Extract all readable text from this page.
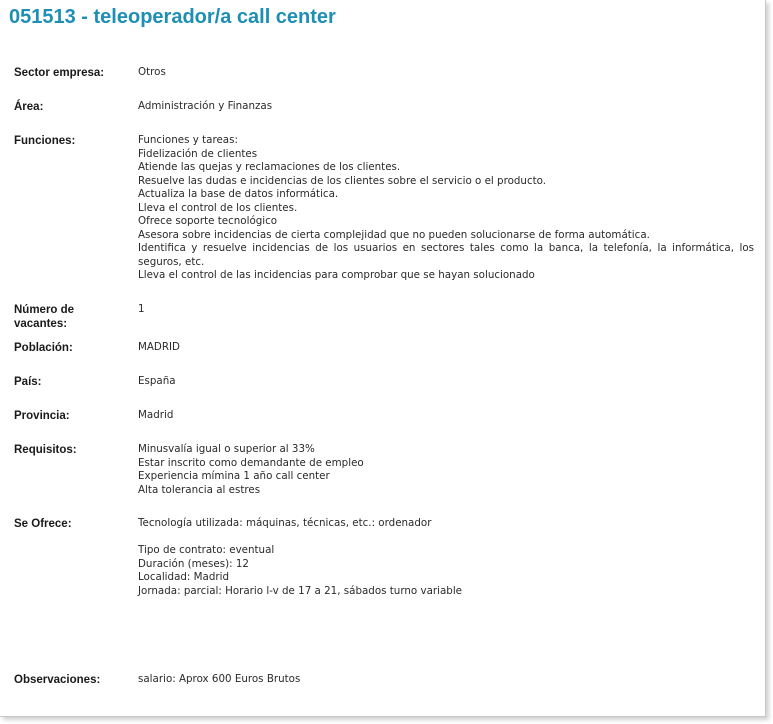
051513 - teleoperador/a call center
Sector empresa:	Otros
Área:	Administración y Finanzas
Funciones:	Funciones y tareas:
Fidelización de clientes
Atiende las quejas y reclamaciones de los clientes.
Resuelve las dudas e incidencias de los clientes sobre el servicio o el producto.
Actualiza la base de datos informática.
Lleva el control de los clientes.
Ofrece soporte tecnológico
Asesora sobre incidencias de cierta complejidad que no pueden solucionarse de forma automática.
Identifica y resuelve incidencias de los usuarios en sectores tales como la banca, la telefonía, la informática, los seguros, etc.
Lleva el control de las incidencias para comprobar que se hayan solucionado
Número de vacantes:
1
Población:	MADRID
País:	España
Provincia:	Madrid
Requisitos:	Minusvalía igual o superior al 33%
Estar inscrito como demandante de empleo
Experiencia mímina 1 año call center
Alta tolerancia al estres
Se Ofrece:	Tecnología utilizada: máquinas, técnicas, etc.: ordenador
Tipo de contrato: eventual
Duración (meses): 12
Localidad: Madrid
Jornada: parcial: Horario l-v de 17 a 21, sábados turno variable
Observaciones:	salario: Aprox 600 Euros Brutos
